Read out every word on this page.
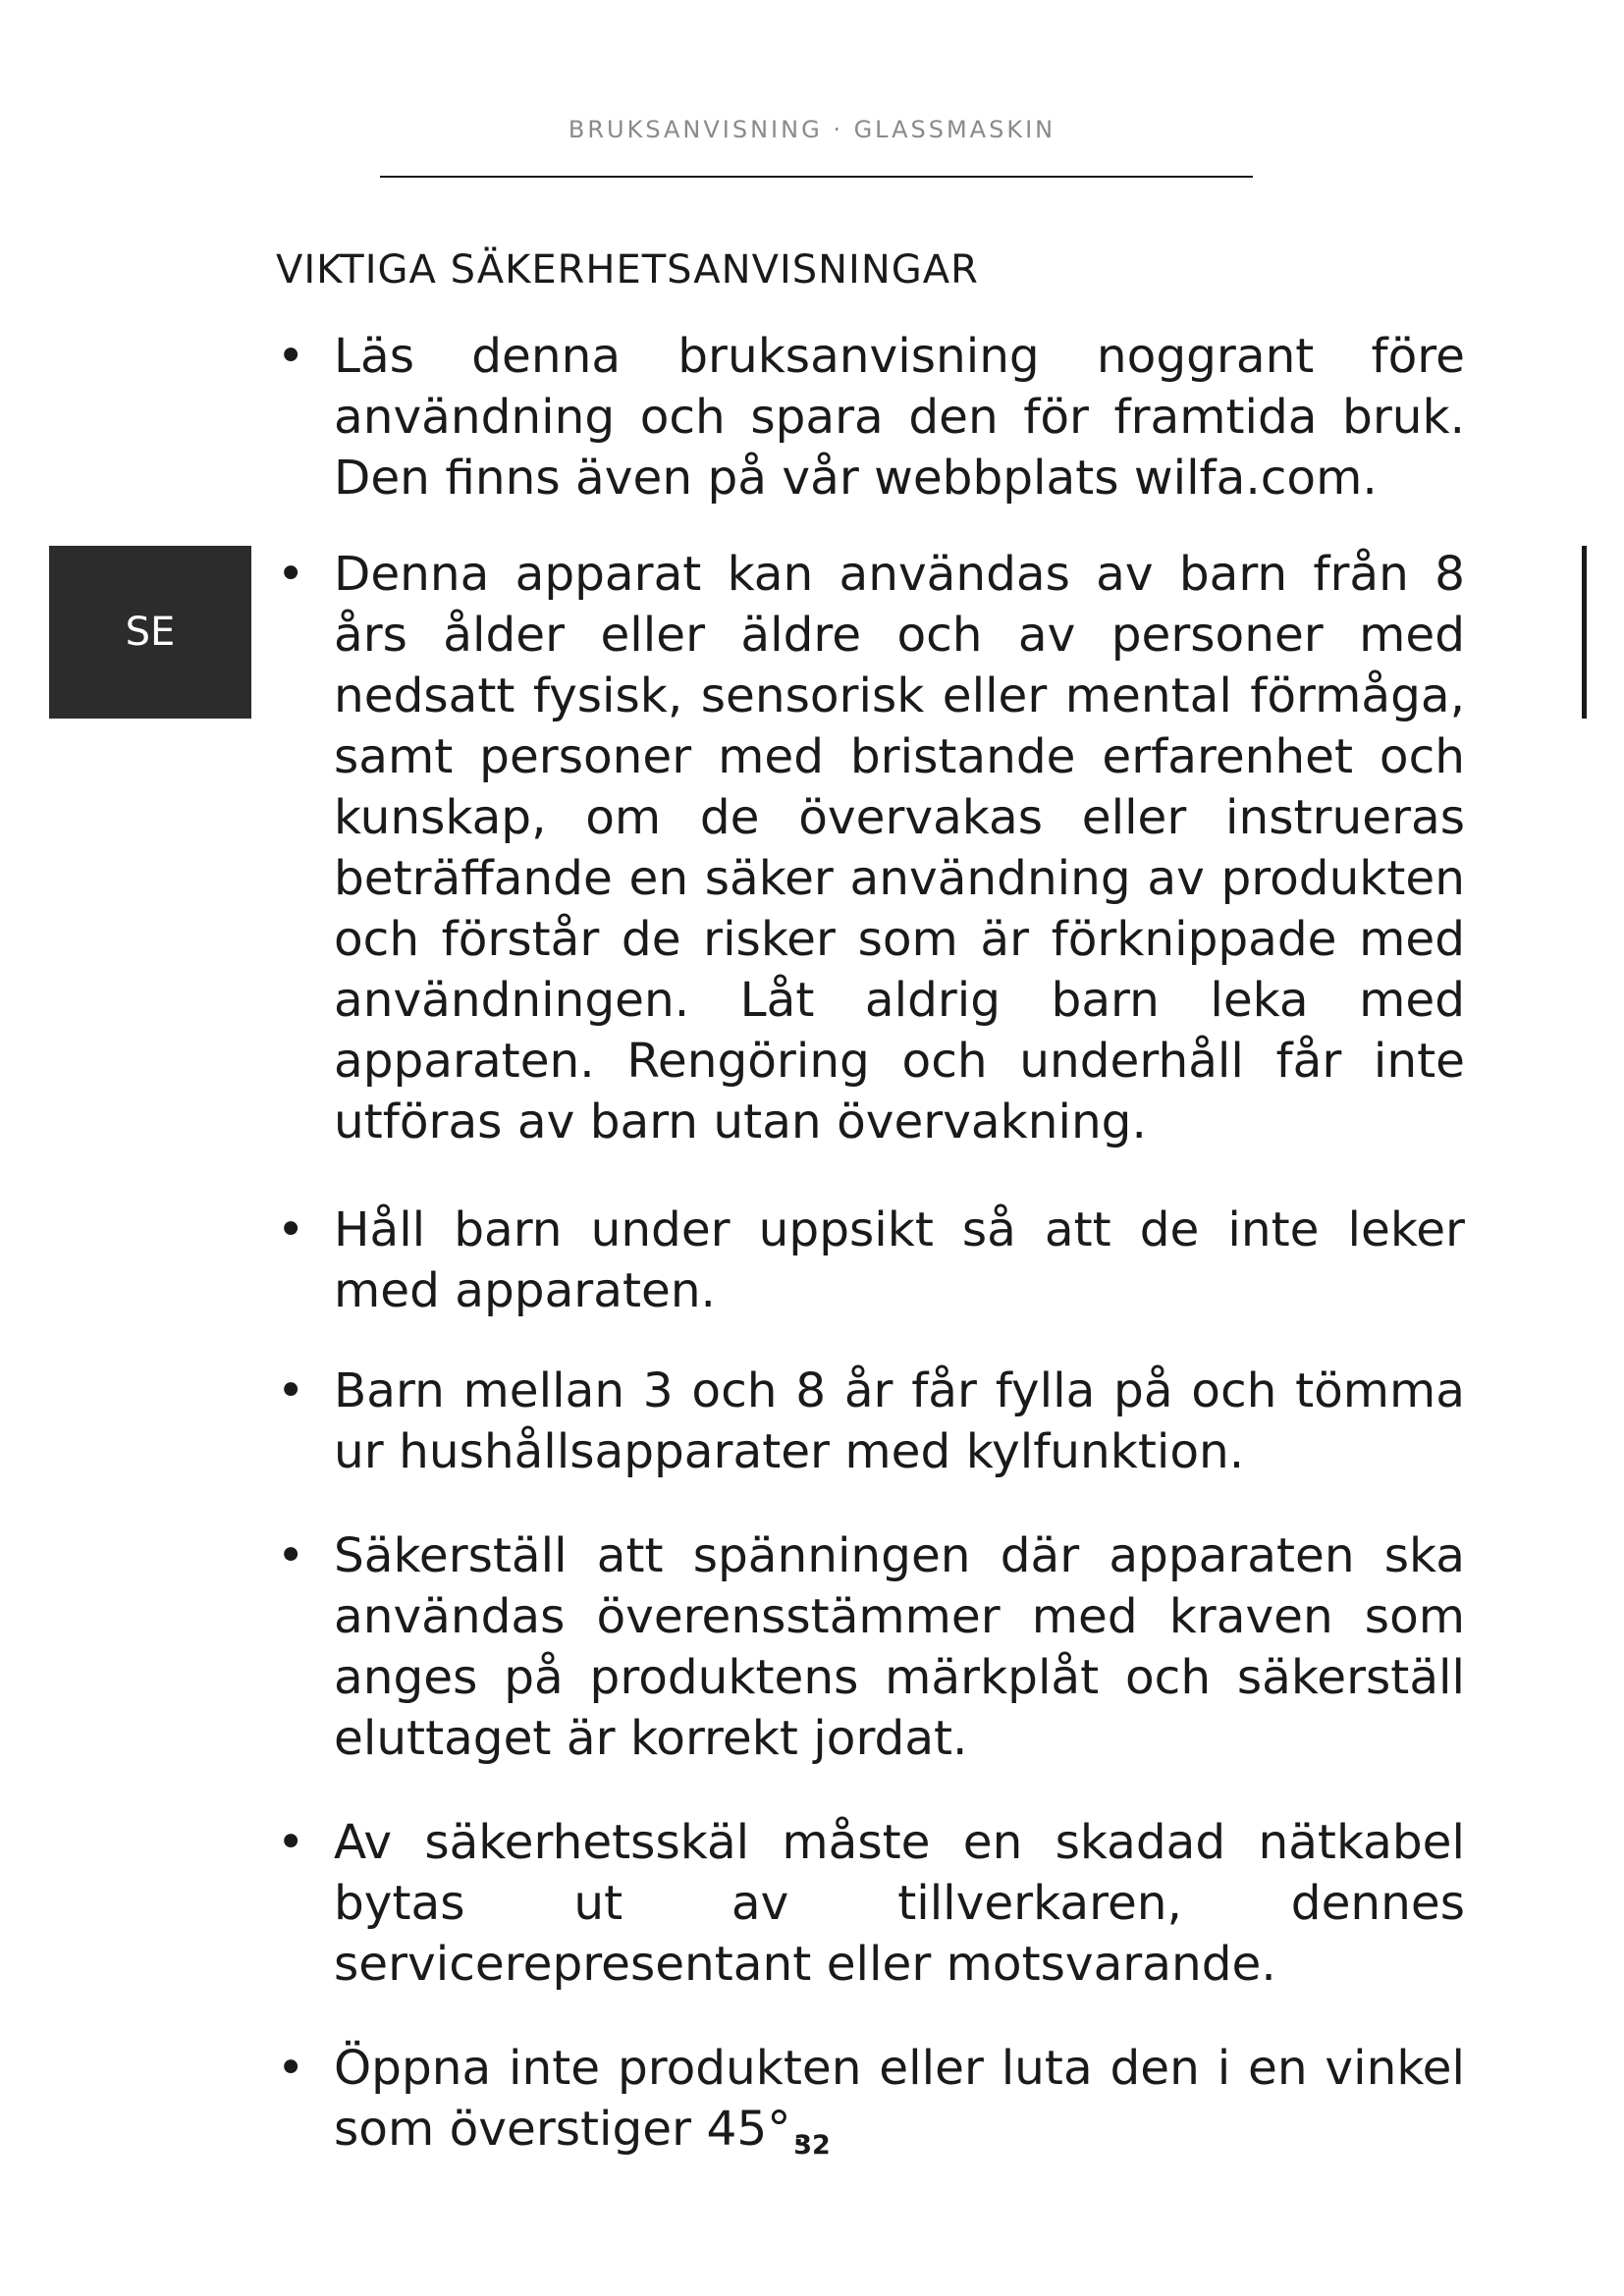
BRUKSANVISNING · GLASSMASKIN
SE
VIKTIGA SÄKERHETSANVISNINGAR
• Läs denna bruksanvisning noggrant före användning och spara den för framtida bruk. Den finns även på vår webbplats wilfa.com.
• Denna apparat kan användas av barn från 8 års ålder eller äldre och av personer med nedsatt fysisk, sensorisk eller mental förmåga, samt personer med bristande erfarenhet och kunskap, om de övervakas eller instrueras beträffande en säker användning av produkten och förstår de risker som är förknippade med användningen. Låt aldrig barn leka med apparaten. Rengöring och underhåll får inte utföras av barn utan övervakning.
• Håll barn under uppsikt så att de inte leker med apparaten.
• Barn mellan 3 och 8 år får fylla på och tömma ur hushållsapparater med kylfunktion.
• Säkerställ att spänningen där apparaten ska användas överensstämmer med kraven som anges på produktens märkplåt och säkerställ eluttaget är korrekt jordat.
• Av säkerhetsskäl måste en skadad nätkabel bytas ut av tillverkaren, dennes servicerepresentant eller motsvarande.
• Öppna inte produkten eller luta den i en vinkel som överstiger 45°.
32
